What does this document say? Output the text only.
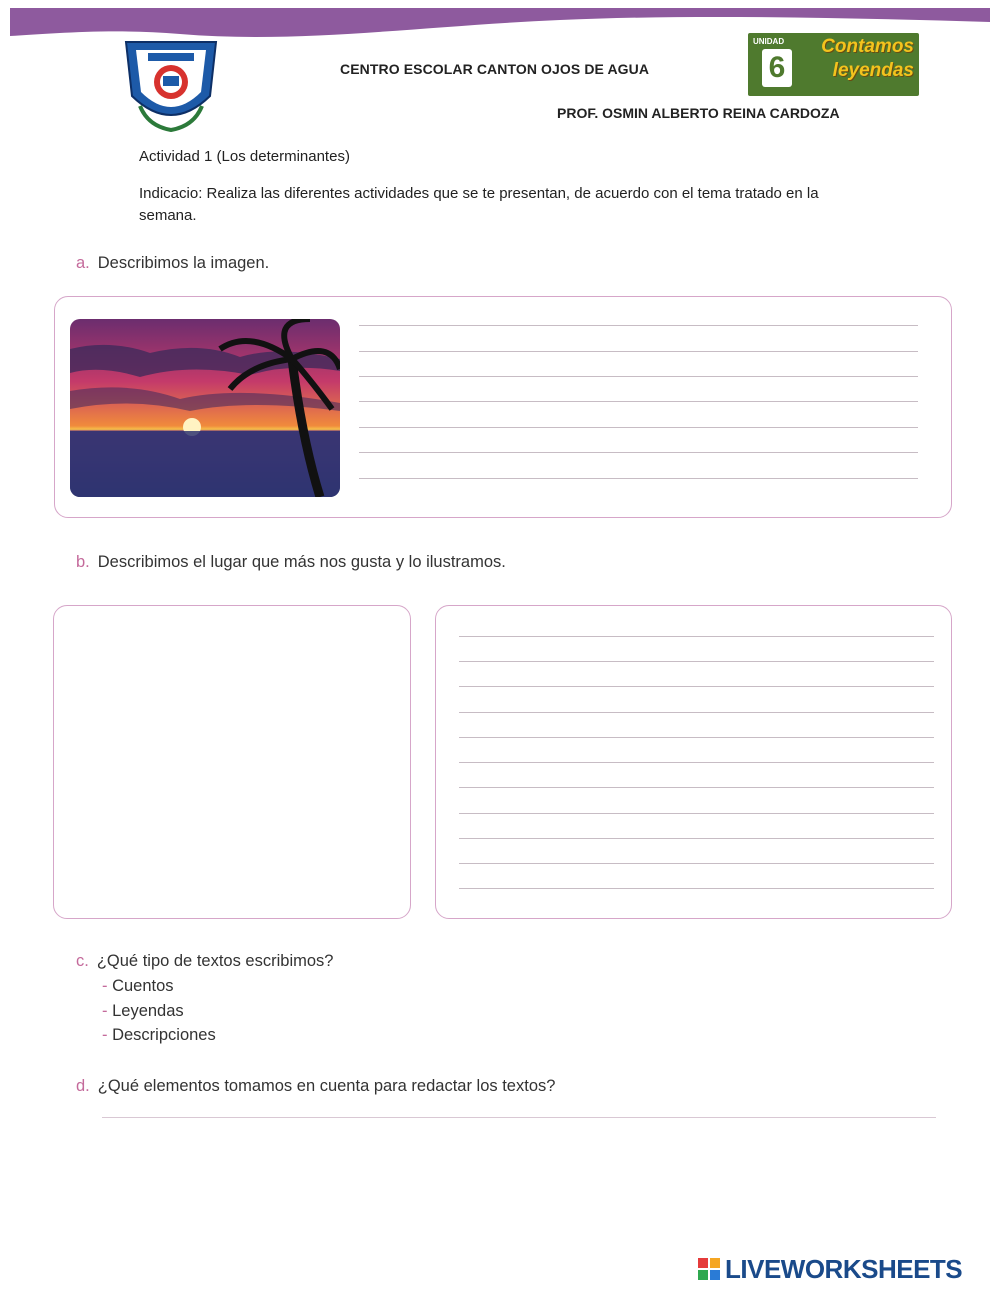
CENTRO ESCOLAR CANTON OJOS DE AGUA
PROF. OSMIN ALBERTO REINA CARDOZA
UNIDAD
6
Contamos
leyendas
Actividad 1 (Los determinantes)
Indicacio: Realiza las diferentes actividades que se te presentan, de acuerdo con el tema tratado en la semana.
a. Describimos la imagen.
b. Describimos el lugar que más nos gusta y lo ilustramos.
c. ¿Qué tipo de textos escribimos?
- Cuentos
- Leyendas
- Descripciones
d. ¿Qué elementos tomamos en cuenta para redactar los textos?
LIVEWORKSHEETS
